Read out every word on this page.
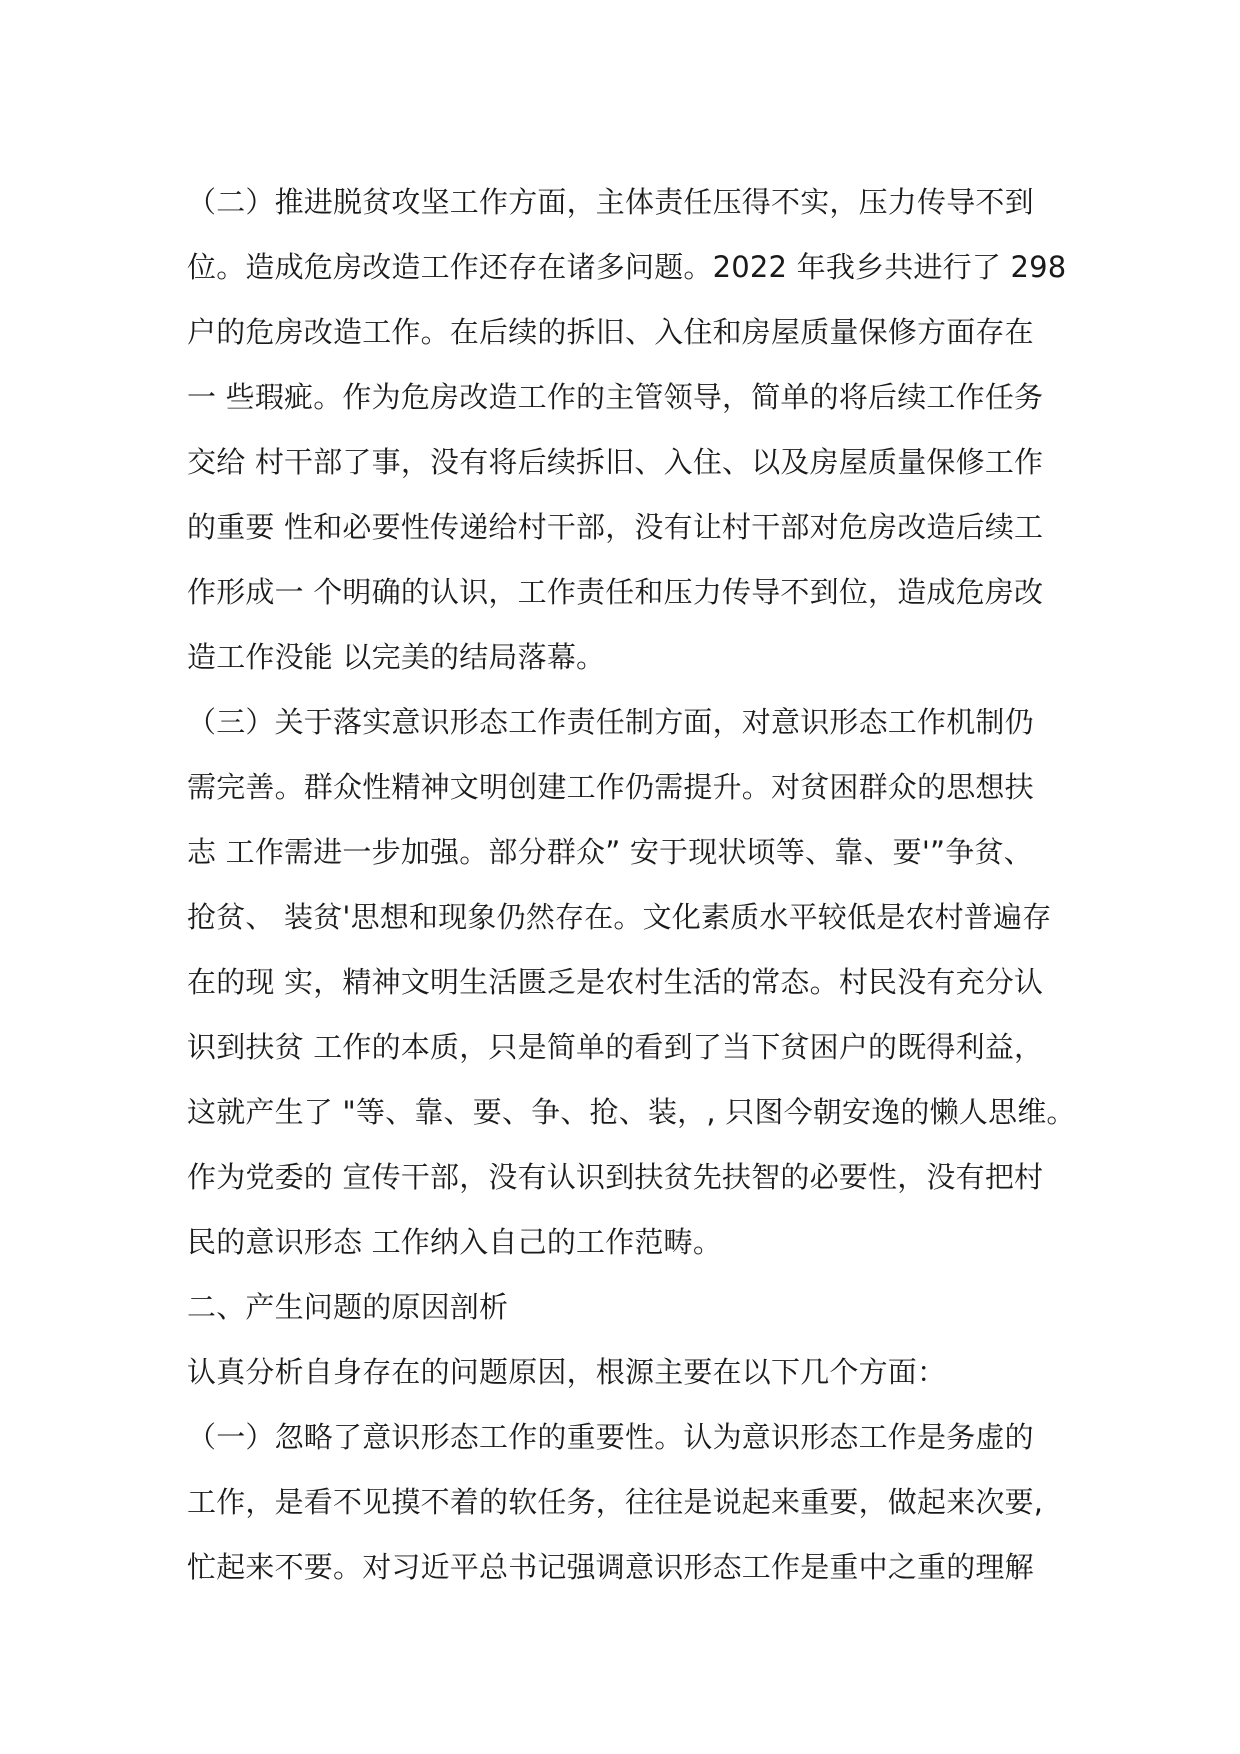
（二）推进脱贫攻坚工作方面，主体责任压得不实，压力传导不到
位。造成危房改造工作还存在诸多问题。2022 年我乡共进行了 298
户的危房改造工作。在后续的拆旧、入住和房屋质量保修方面存在
一 些瑕疵。作为危房改造工作的主管领导，简单的将后续工作任务
交给 村干部了事，没有将后续拆旧、入住、以及房屋质量保修工作
的重要 性和必要性传递给村干部，没有让村干部对危房改造后续工
作形成一 个明确的认识，工作责任和压力传导不到位，造成危房改
造工作没能 以完美的结局落幕。
（三）关于落实意识形态工作责任制方面，对意识形态工作机制仍
需完善。群众性精神文明创建工作仍需提升。对贫困群众的思想扶
志 工作需进一步加强。部分群众” 安于现状顷等、靠、要'”争贫、
抢贫、 装贫'思想和现象仍然存在。文化素质水平较低是农村普遍存
在的现 实，精神文明生活匮乏是农村生活的常态。村民没有充分认
识到扶贫 工作的本质，只是简单的看到了当下贫困户的既得利益，
这就产生了 "等、靠、要、争、抢、装，, 只图今朝安逸的懒人思维。
作为党委的 宣传干部，没有认识到扶贫先扶智的必要性，没有把村
民的意识形态 工作纳入自己的工作范畴。
二、产生问题的原因剖析
认真分析自身存在的问题原因，根源主要在以下几个方面：
（一）忽略了意识形态工作的重要性。认为意识形态工作是务虚的
工作，是看不见摸不着的软任务，往往是说起来重要，做起来次要,
忙起来不要。对习近平总书记强调意识形态工作是重中之重的理解
